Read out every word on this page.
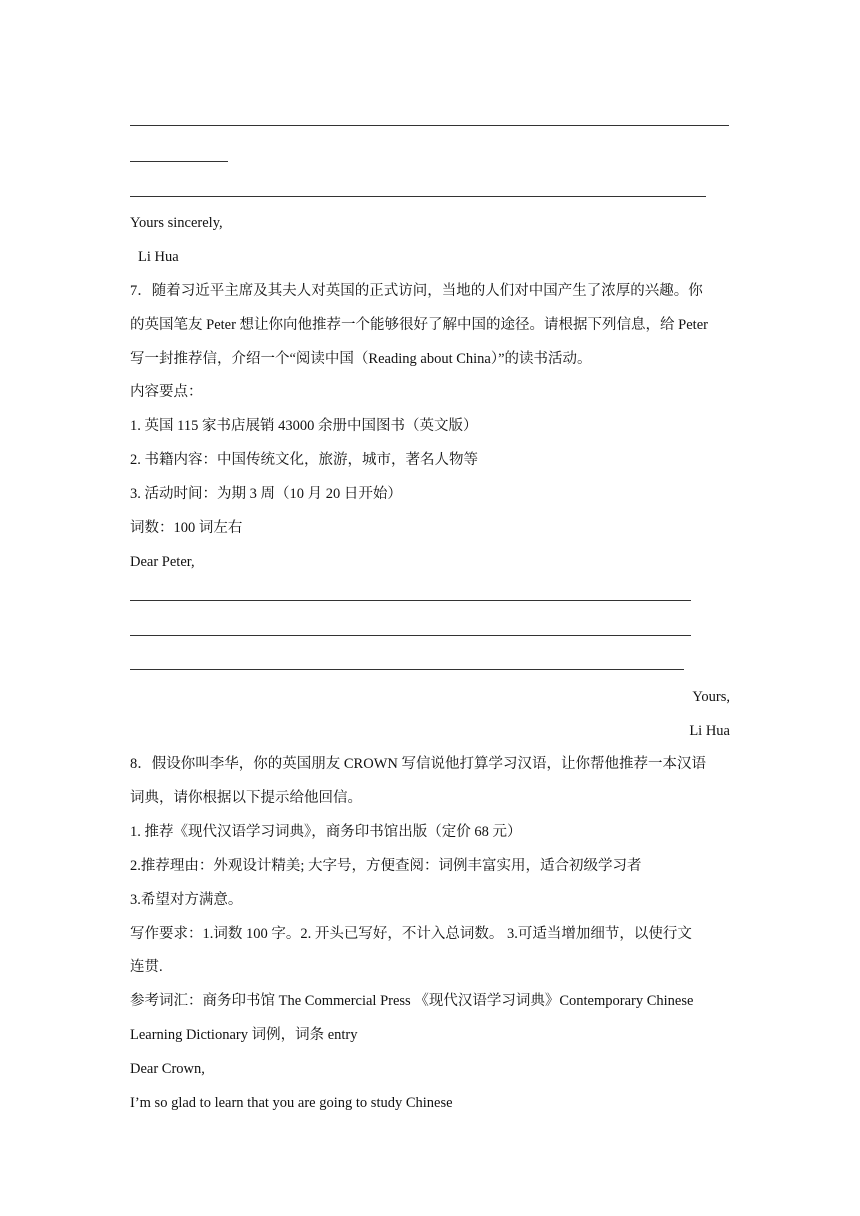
Yours sincerely,
Li Hua
7．随着习近平主席及其夫人对英国的正式访问，当地的人们对中国产生了浓厚的兴趣。你
的英国笔友 Peter 想让你向他推荐一个能够很好了解中国的途径。请根据下列信息，给 Peter
写一封推荐信，介绍一个“阅读中国（Reading about China）”的读书活动。
内容要点：
1. 英国 115 家书店展销 43000 余册中国图书（英文版）
2. 书籍内容：中国传统文化，旅游，城市，著名人物等
3. 活动时间：为期 3 周（10 月 20 日开始）
词数：100 词左右
Dear Peter,
Yours,
Li Hua
8．假设你叫李华，你的英国朋友 CROWN 写信说他打算学习汉语，让你帮他推荐一本汉语
词典，请你根据以下提示给他回信。
1. 推荐《现代汉语学习词典》，商务印书馆出版（定价 68 元）
2.推荐理由：外观设计精美; 大字号，方便查阅：词例丰富实用，适合初级学习者
3.希望对方满意。
写作要求：1.词数 100 字。2. 开头已写好，不计入总词数。 3.可适当增加细节，以使行文
连贯.
参考词汇：商务印书馆 The Commercial Press 《现代汉语学习词典》Contemporary Chinese
Learning Dictionary 词例，词条 entry
Dear Crown,
I’m so glad to learn that you are going to study Chinese
